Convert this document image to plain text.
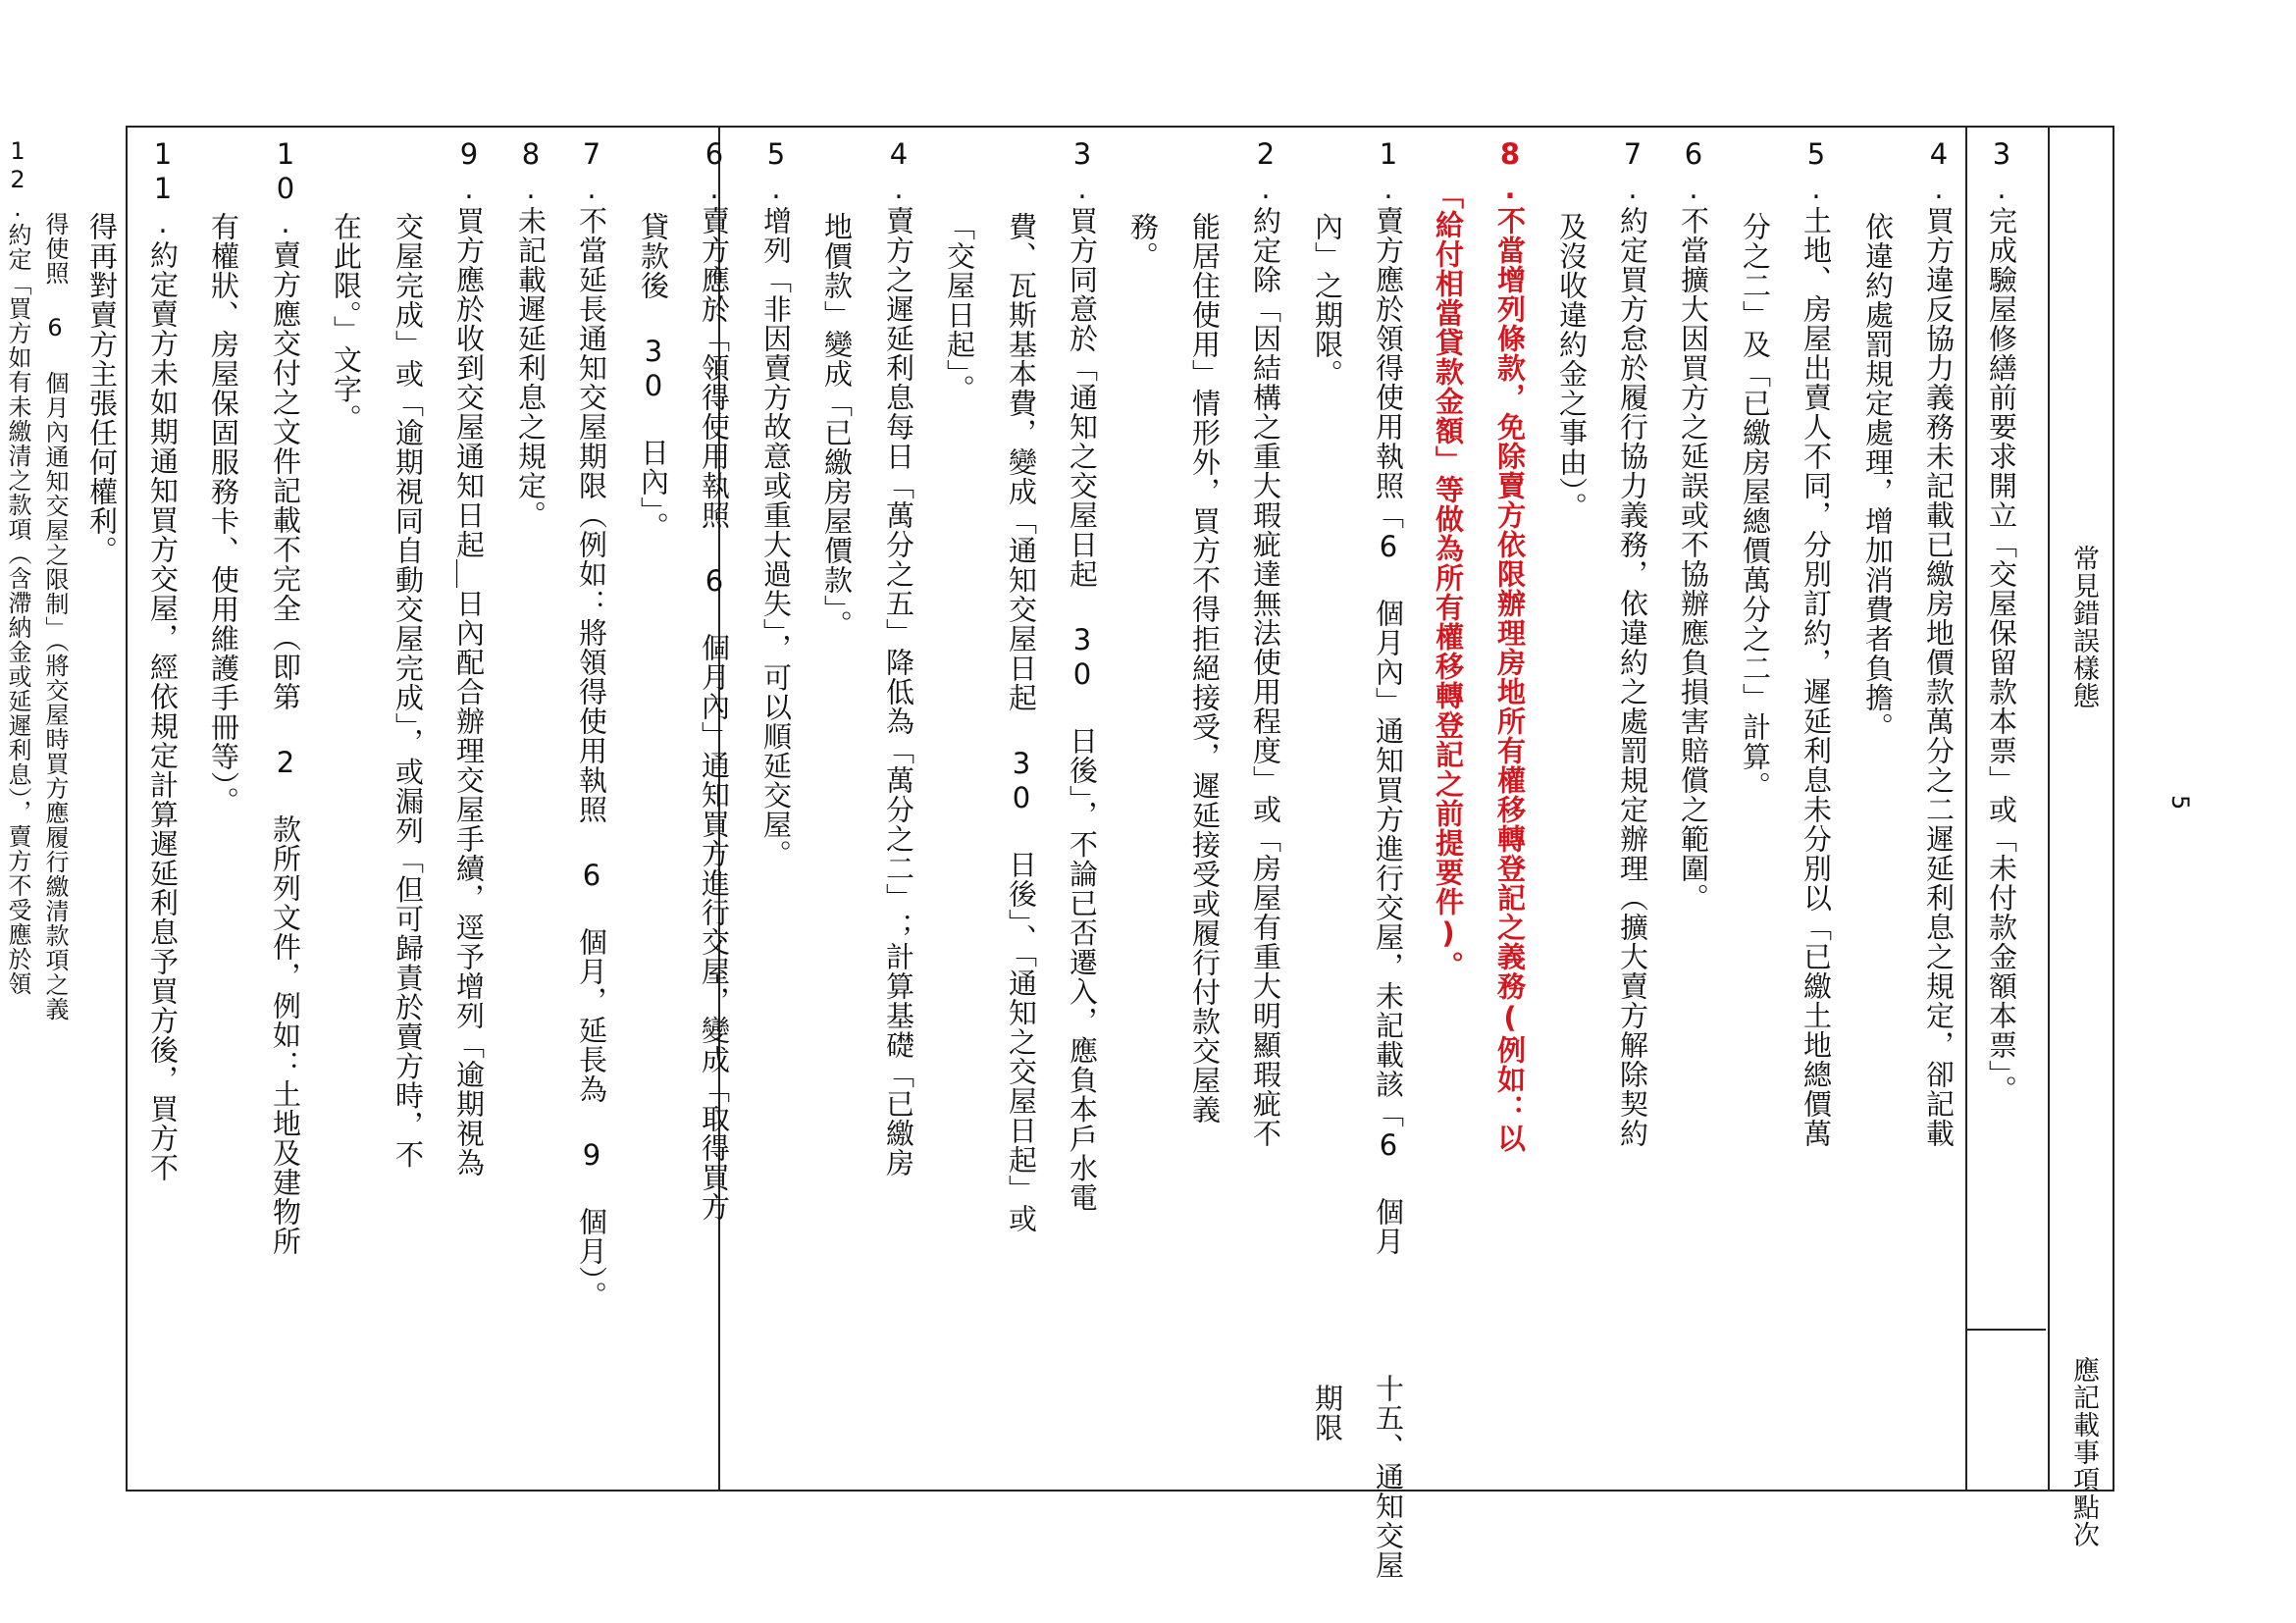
常見錯誤樣態
應記載事項點次
3.完成驗屋修繕前要求開立「交屋保留款本票」或「未付款金額本票」。
4.買方違反協力義務未記載已繳房地價款萬分之二遲延利息之規定，卻記載
依違約處罰規定處理，增加消費者負擔。
5.土地、房屋出賣人不同，分別訂約，遲延利息未分別以「已繳土地總價萬
分之二」及「已繳房屋總價萬分之二」計算。
6.不當擴大因買方之延誤或不協辦應負損害賠償之範圍。
7.約定買方怠於履行協力義務，依違約之處罰規定辦理（擴大賣方解除契約
及沒收違約金之事由）。
8.不當增列條款，免除賣方依限辦理房地所有權移轉登記之義務(例如：以
「給付相當貸款金額」等做為所有權移轉登記之前提要件)。
十五、通知交屋
期限
1.賣方應於領得使用執照「6 個月內」通知買方進行交屋，未記載該「6 個月
內」之期限。
2.約定除「因結構之重大瑕疵達無法使用程度」或「房屋有重大明顯瑕疵不
能居住使用」情形外，買方不得拒絕接受，遲延接受或履行付款交屋義
務。
3.買方同意於「通知之交屋日起 30 日後」，不論已否遷入，應負本戶水電
費、瓦斯基本費，變成「通知交屋日起 30 日後」、「通知之交屋日起」或
「交屋日起」。
4.賣方之遲延利息每日「萬分之五」降低為「萬分之二」；計算基礎「已繳房
地價款」變成「已繳房屋價款」。
5.增列「非因賣方故意或重大過失」，可以順延交屋。
6.賣方應於「領得使用執照 6 個月內」通知買方進行交屋，變成「取得買方
貸款後 30 日內」。
7.不當延長通知交屋期限（例如：將領得使用執照 6 個月，延長為 9 個月）。
8.未記載遲延利息之規定。
9.買方應於收到交屋通知日起＿日內配合辦理交屋手續，逕予增列「逾期視為
交屋完成」或「逾期視同自動交屋完成」，或漏列「但可歸責於賣方時，不
在此限。」文字。
10.賣方應交付之文件記載不完全（即第 2 款所列文件，例如：土地及建物所
有權狀、房屋保固服務卡、使用維護手冊等）。
11.約定賣方未如期通知買方交屋，經依規定計算遲延利息予買方後，買方不
得再對賣方主張任何權利。
12.約定「買方如有未繳清之款項（含滯納金或延遲利息），賣方不受應於領 得使照 6 個月內通知交屋之限制」（將交屋時買方應履行繳清款項之義	5
